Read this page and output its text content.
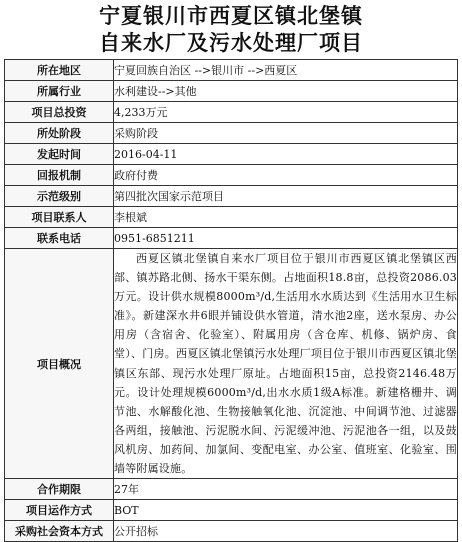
宁夏银川市西夏区镇北堡镇
自来水厂及污水处理厂项目
所在地区	宁夏回族自治区 -->银川市 -->西夏区
所属行业	水利建设-->其他
项目总投资	4,233万元
所处阶段	采购阶段
发起时间	2016-04-11
回报机制	政府付费
示范级别	第四批次国家示范项目
项目联系人	李根斌
联系电话	0951-6851211
项目概况	西夏区镇北堡镇自来水厂项目位于银川市西夏区镇北堡镇区西部、镇苏路北侧、扬水干渠东侧。占地面积18.8亩，总投资2086.03万元。设计供水规模8000m³/d,生活用水水质达到《生活用水卫生标准》。新建深水井6眼并铺设供水管道，清水池2座，送水泵房、办公用房（含宿舍、化验室）、附属用房（含仓库、机修、锅炉房、食堂）、门房。西夏区镇北堡镇污水处理厂项目位于银川市西夏区镇北堡镇区东部、现污水处理厂原址。占地面积15亩，总投资2146.48万元。设计处理规模6000m³/d,出水水质1级A标准。新建格栅井、调节池、水解酸化池、生物接触氧化池、沉淀池、中间调节池、过滤器各两组，接触池、污泥脱水间、污泥缓冲池、污泥池各一组，以及鼓风机房、加药间、加氯间、变配电室、办公室、值班室、化验室、围墙等附属设施。
合作期限	27年
项目运作方式	BOT
采购社会资本方式	公开招标
